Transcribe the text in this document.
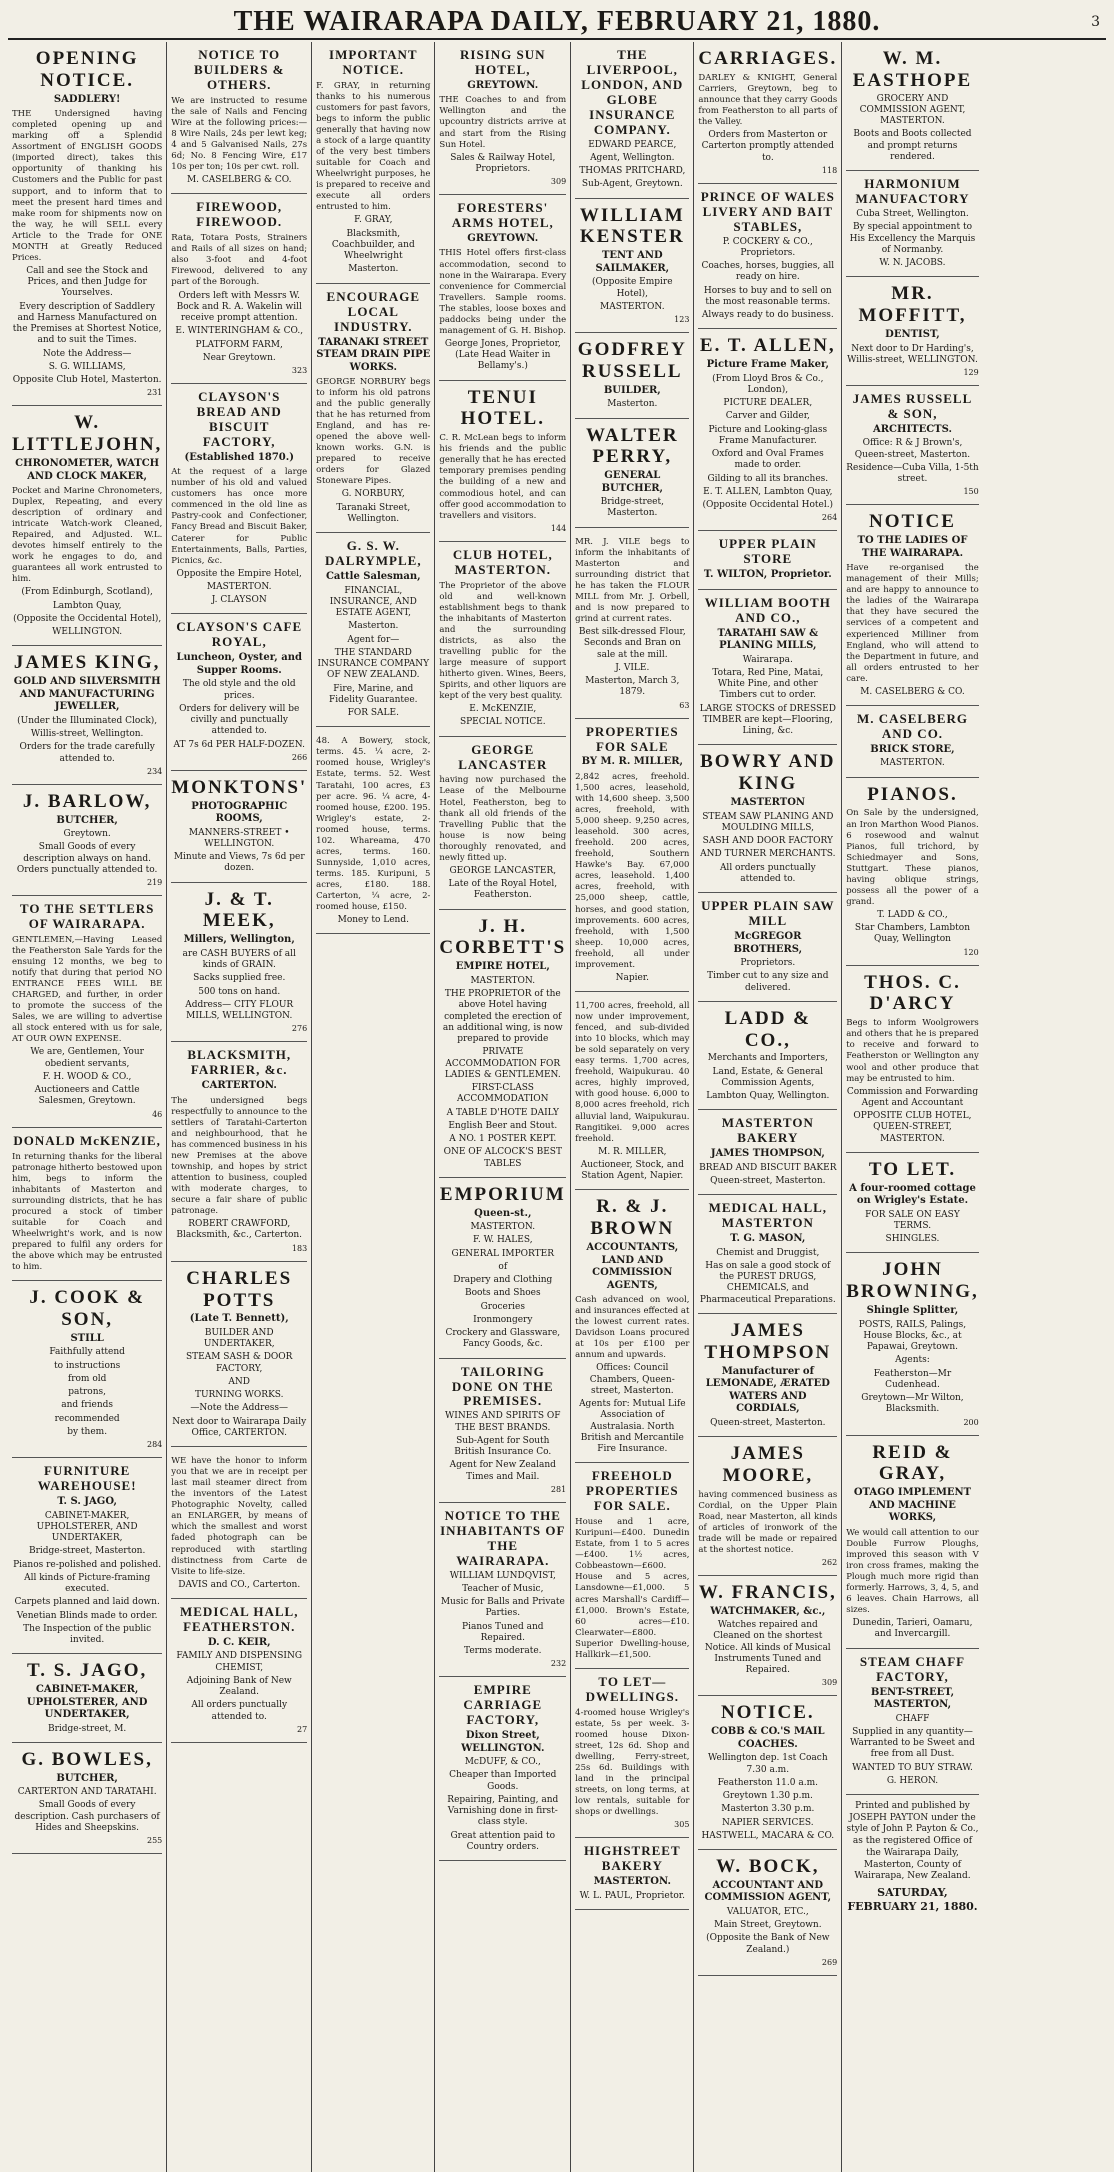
THE WAIRARAPA DAILY, FEBRUARY 21, 1880.	3
OPENING NOTICE.
SADDLERY!
THE Undersigned having completed opening up and marking off a Splendid Assortment of ENGLISH GOODS (imported direct), takes this opportunity of thanking his Customers and the Public for past support, and to inform that to meet the present hard times and make room for shipments now on the way, he will SELL every Article to the Trade for ONE MONTH at Greatly Reduced Prices.
Call and see the Stock and Prices, and then Judge for Yourselves.
Every description of Saddlery and Harness Manufactured on the Premises at Shortest Notice, and to suit the Times.
Note the Address—
S. G. WILLIAMS,
Opposite Club Hotel, Masterton.
231
W. LITTLEJOHN,
CHRONOMETER, WATCH AND CLOCK MAKER,
Pocket and Marine Chronometers, Duplex, Repeating, and every description of ordinary and intricate Watch-work Cleaned, Repaired, and Adjusted. W.L. devotes himself entirely to the work he engages to do, and guarantees all work entrusted to him.
(From Edinburgh, Scotland),
Lambton Quay,
(Opposite the Occidental Hotel),
WELLINGTON.
JAMES KING,
GOLD AND SILVERSMITH AND MANUFACTURING JEWELLER,
(Under the Illuminated Clock),
Willis-street, Wellington.
Orders for the trade carefully attended to.
234
J. BARLOW,
BUTCHER,
Greytown.
Small Goods of every description always on hand. Orders punctually attended to.
219
TO THE SETTLERS OF WAIRARAPA.
GENTLEMEN,—Having Leased the Featherston Sale Yards for the ensuing 12 months, we beg to notify that during that period NO ENTRANCE FEES WILL BE CHARGED, and further, in order to promote the success of the Sales, we are willing to advertise all stock entered with us for sale, AT OUR OWN EXPENSE.
We are, Gentlemen, Your obedient servants,
F. H. WOOD & CO.,
Auctioneers and Cattle Salesmen, Greytown.
46
DONALD McKENZIE,
In returning thanks for the liberal patronage hitherto bestowed upon him, begs to inform the inhabitants of Masterton and surrounding districts, that he has procured a stock of timber suitable for Coach and Wheelwright's work, and is now prepared to fulfil any orders for the above which may be entrusted to him.
J. COOK & SON,
STILL
Faithfully attend
to instructions
from old
patrons,
and friends
recommended
by them.
284
FURNITURE WAREHOUSE!
T. S. JAGO,
CABINET-MAKER, UPHOLSTERER, AND UNDERTAKER,
Bridge-street, Masterton.
Pianos re-polished and polished.
All kinds of Picture-framing executed.
Carpets planned and laid down.
Venetian Blinds made to order.
The Inspection of the public invited.
T. S. JAGO,
CABINET-MAKER, UPHOLSTERER, AND UNDERTAKER,
Bridge-street, M.
G. BOWLES,
BUTCHER,
CARTERTON AND TARATAHI.
Small Goods of every description. Cash purchasers of Hides and Sheepskins.
255
NOTICE TO BUILDERS & OTHERS.
We are instructed to resume the sale of Nails and Fencing Wire at the following prices:— 8 Wire Nails, 24s per lewt keg; 4 and 5 Galvanised Nails, 27s 6d; No. 8 Fencing Wire, £17 10s per ton; 10s per cwt. roll.
M. CASELBERG & CO.
FIREWOOD, FIREWOOD.
Rata, Totara Posts, Strainers and Rails of all sizes on hand; also 3-foot and 4-foot Firewood, delivered to any part of the Borough.
Orders left with Messrs W. Bock and R. A. Wakelin will receive prompt attention.
E. WINTERINGHAM & CO.,
PLATFORM FARM,
Near Greytown.
323
CLAYSON'S BREAD AND BISCUIT FACTORY,
(Established 1870.)
At the request of a large number of his old and valued customers has once more commenced in the old line as Pastry-cook and Confectioner, Fancy Bread and Biscuit Baker, Caterer for Public Entertainments, Balls, Parties, Picnics, &c.
Opposite the Empire Hotel,
MASTERTON.
J. CLAYSON
CLAYSON'S CAFE ROYAL,
Luncheon, Oyster, and Supper Rooms.
The old style and the old prices.
Orders for delivery will be civilly and punctually attended to.
AT 7s 6d PER HALF-DOZEN.
266
MONKTONS'
PHOTOGRAPHIC ROOMS,
MANNERS-STREET • WELLINGTON.
Minute and Views, 7s 6d per dozen.
J. & T. MEEK,
Millers, Wellington,
are CASH BUYERS of all kinds of GRAIN.
Sacks supplied free.
500 tons on hand.
Address— CITY FLOUR MILLS, WELLINGTON.
276
BLACKSMITH, FARRIER, &c.
CARTERTON.
The undersigned begs respectfully to announce to the settlers of Taratahi-Carterton and neighbourhood, that he has commenced business in his new Premises at the above township, and hopes by strict attention to business, coupled with moderate charges, to secure a fair share of public patronage.
ROBERT CRAWFORD, Blacksmith, &c., Carterton.
183
CHARLES POTTS
(Late T. Bennett),
BUILDER AND UNDERTAKER,
STEAM SASH & DOOR FACTORY,
AND
TURNING WORKS.
—Note the Address—
Next door to Wairarapa Daily Office, CARTERTON.
WE have the honor to inform you that we are in receipt per last mail steamer direct from the inventors of the Latest Photographic Novelty, called an ENLARGER, by means of which the smallest and worst faded photograph can be reproduced with startling distinctness from Carte de Visite to life-size.
DAVIS and CO., Carterton.
MEDICAL HALL, FEATHERSTON.
D. C. KEIR,
FAMILY AND DISPENSING CHEMIST,
Adjoining Bank of New Zealand.
All orders punctually attended to.
27
IMPORTANT NOTICE.
F. GRAY, in returning thanks to his numerous customers for past favors, begs to inform the public generally that having now a stock of a large quantity of the very best timbers suitable for Coach and Wheelwright purposes, he is prepared to receive and execute all orders entrusted to him.
F. GRAY,
Blacksmith, Coachbuilder, and Wheelwright
Masterton.
ENCOURAGE LOCAL INDUSTRY.
TARANAKI STREET STEAM DRAIN PIPE WORKS.
GEORGE NORBURY begs to inform his old patrons and the public generally that he has returned from England, and has re-opened the above well-known works. G.N. is prepared to receive orders for Glazed Stoneware Pipes.
G. NORBURY,
Taranaki Street, Wellington.
G. S. W. DALRYMPLE,
Cattle Salesman,
FINANCIAL, INSURANCE, AND ESTATE AGENT,
Masterton.
Agent for—
THE STANDARD INSURANCE COMPANY OF NEW ZEALAND.
Fire, Marine, and Fidelity Guarantee.
FOR SALE.
48. A Bowery, stock, terms. 45. ¼ acre, 2-roomed house, Wrigley's Estate, terms. 52. West Taratahi, 100 acres, £3 per acre. 96. ¼ acre, 4-roomed house, £200. 195. Wrigley's estate, 2-roomed house, terms. 102. Whareama, 470 acres, terms. 160. Sunnyside, 1,010 acres, terms. 185. Kuripuni, 5 acres, £180. 188. Carterton, ¼ acre, 2-roomed house, £150.
Money to Lend.
RISING SUN HOTEL,
GREYTOWN.
THE Coaches to and from Wellington and the upcountry districts arrive at and start from the Rising Sun Hotel.
Sales & Railway Hotel, Proprietors.
309
FORESTERS' ARMS HOTEL,
GREYTOWN.
THIS Hotel offers first-class accommodation, second to none in the Wairarapa. Every convenience for Commercial Travellers. Sample rooms. The stables, loose boxes and paddocks being under the management of G. H. Bishop.
George Jones, Proprietor, (Late Head Waiter in Bellamy's.)
TENUI HOTEL.
C. R. McLean begs to inform his friends and the public generally that he has erected temporary premises pending the building of a new and commodious hotel, and can offer good accommodation to travellers and visitors.
144
CLUB HOTEL, MASTERTON.
The Proprietor of the above old and well-known establishment begs to thank the inhabitants of Masterton and the surrounding districts, as also the travelling public for the large measure of support hitherto given. Wines, Beers, Spirits, and other liquors are kept of the very best quality.
E. McKENZIE,
SPECIAL NOTICE.
GEORGE LANCASTER
having now purchased the Lease of the Melbourne Hotel, Featherston, beg to thank all old friends of the Travelling Public that the house is now being thoroughly renovated, and newly fitted up.
GEORGE LANCASTER,
Late of the Royal Hotel, Featherston.
J. H. CORBETT'S
EMPIRE HOTEL,
MASTERTON.
THE PROPRIETOR of the above Hotel having completed the erection of an additional wing, is now prepared to provide
PRIVATE ACCOMMODATION FOR LADIES & GENTLEMEN.
FIRST-CLASS ACCOMMODATION
A TABLE D'HOTE DAILY
English Beer and Stout.
A NO. 1 POSTER KEPT.
ONE OF ALCOCK'S BEST TABLES
EMPORIUM
Queen-st.,
MASTERTON.
F. W. HALES,
GENERAL IMPORTER
of
Drapery and Clothing
Boots and Shoes
Groceries
Ironmongery
Crockery and Glassware, Fancy Goods, &c.
TAILORING DONE ON THE PREMISES.
WINES AND SPIRITS OF THE BEST BRANDS.
Sub-Agent for South British Insurance Co.
Agent for New Zealand Times and Mail.
281
NOTICE TO THE INHABITANTS OF THE WAIRARAPA.
WILLIAM LUNDQVIST,
Teacher of Music,
Music for Balls and Private Parties.
Pianos Tuned and Repaired.
Terms moderate.
232
EMPIRE CARRIAGE FACTORY,
Dixon Street, WELLINGTON.
McDUFF, & CO.,
Cheaper than Imported Goods.
Repairing, Painting, and Varnishing done in first-class style.
Great attention paid to Country orders.
THE LIVERPOOL, LONDON, AND GLOBE INSURANCE COMPANY.
EDWARD PEARCE,
Agent, Wellington.
THOMAS PRITCHARD,
Sub-Agent, Greytown.
WILLIAM KENSTER
TENT AND SAILMAKER,
(Opposite Empire Hotel),
MASTERTON.
123
GODFREY RUSSELL
BUILDER,
Masterton.
WALTER PERRY,
GENERAL BUTCHER,
Bridge-street, Masterton.
MR. J. VILE begs to inform the inhabitants of Masterton and surrounding district that he has taken the FLOUR MILL from Mr. J. Orbell, and is now prepared to grind at current rates.
Best silk-dressed Flour, Seconds and Bran on sale at the mill.
J. VILE.
Masterton, March 3, 1879.
63
PROPERTIES FOR SALE
BY M. R. MILLER,
2,842 acres, freehold. 1,500 acres, leasehold, with 14,600 sheep. 3,500 acres, freehold, with 5,000 sheep. 9,250 acres, leasehold. 300 acres, freehold. 200 acres, freehold, Southern Hawke's Bay. 67,000 acres, leasehold. 1,400 acres, freehold, with 25,000 sheep, cattle, horses, and good station, improvements. 600 acres, freehold, with 1,500 sheep. 10,000 acres, freehold, all under improvement.
Napier.
11,700 acres, freehold, all now under improvement, fenced, and sub-divided into 10 blocks, which may be sold separately on very easy terms. 1,700 acres, freehold, Waipukurau. 40 acres, highly improved, with good house. 6,000 to 8,000 acres freehold, rich alluvial land, Waipukurau. Rangitikei. 9,000 acres freehold.
M. R. MILLER,
Auctioneer, Stock, and Station Agent, Napier.
R. & J. BROWN
ACCOUNTANTS, LAND AND COMMISSION AGENTS,
Cash advanced on wool, and insurances effected at the lowest current rates. Davidson Loans procured at 10s per £100 per annum and upwards.
Offices: Council Chambers, Queen-street, Masterton.
Agents for: Mutual Life Association of Australasia. North British and Mercantile Fire Insurance.
FREEHOLD PROPERTIES FOR SALE.
House and 1 acre, Kuripuni—£400. Dunedin Estate, from 1 to 5 acres—£400. 1½ acres, Cobbeastown—£600. House and 5 acres, Lansdowne—£1,000. 5 acres Marshall's Cardiff—£1,000. Brown's Estate, 60 acres—£10. Clearwater—£800. Superior Dwelling-house, Hallkirk—£1,500.
TO LET—DWELLINGS.
4-roomed house Wrigley's estate, 5s per week. 3-roomed house Dixon-street, 12s 6d. Shop and dwelling, Ferry-street, 25s 6d. Buildings with land in the principal streets, on long terms, at low rentals, suitable for shops or dwellings.
305
HIGHSTREET BAKERY
MASTERTON.
W. L. PAUL, Proprietor.
CARRIAGES.
DARLEY & KNIGHT, General Carriers, Greytown, beg to announce that they carry Goods from Featherston to all parts of the Valley.
Orders from Masterton or Carterton promptly attended to.
118
PRINCE OF WALES LIVERY AND BAIT STABLES,
P. COCKERY & CO., Proprietors.
Coaches, horses, buggies, all ready on hire.
Horses to buy and to sell on the most reasonable terms.
Always ready to do business.
E. T. ALLEN,
Picture Frame Maker,
(From Lloyd Bros & Co., London),
PICTURE DEALER,
Carver and Gilder,
Picture and Looking-glass Frame Manufacturer.
Oxford and Oval Frames made to order.
Gilding to all its branches.
E. T. ALLEN, Lambton Quay,
(Opposite Occidental Hotel.)
264
UPPER PLAIN STORE
T. WILTON, Proprietor.
WILLIAM BOOTH AND CO.,
TARATAHI SAW & PLANING MILLS,
Wairarapa.
Totara, Red Pine, Matai, White Pine, and other Timbers cut to order.
LARGE STOCKS of DRESSED TIMBER are kept—Flooring, Lining, &c.
BOWRY AND KING
MASTERTON
STEAM SAW PLANING AND MOULDING MILLS,
SASH AND DOOR FACTORY
AND TURNER MERCHANTS.
All orders punctually attended to.
UPPER PLAIN SAW MILL
McGREGOR BROTHERS,
Proprietors.
Timber cut to any size and delivered.
LADD & CO.,
Merchants and Importers,
Land, Estate, & General Commission Agents,
Lambton Quay, Wellington.
MASTERTON BAKERY
JAMES THOMPSON,
BREAD AND BISCUIT BAKER
Queen-street, Masterton.
MEDICAL HALL, MASTERTON
T. G. MASON,
Chemist and Druggist,
Has on sale a good stock of the PUREST DRUGS, CHEMICALS, and Pharmaceutical Preparations.
JAMES THOMPSON
Manufacturer of LEMONADE, ÆRATED WATERS AND CORDIALS,
Queen-street, Masterton.
JAMES MOORE,
having commenced business as Cordial, on the Upper Plain Road, near Masterton, all kinds of articles of ironwork of the trade will be made or repaired at the shortest notice.
262
W. FRANCIS,
WATCHMAKER, &c.,
Watches repaired and Cleaned on the shortest Notice. All kinds of Musical Instruments Tuned and Repaired.
309
NOTICE.
COBB & CO.'S MAIL COACHES.
Wellington dep. 1st Coach 7.30 a.m.
Featherston 11.0 a.m.
Greytown 1.30 p.m.
Masterton 3.30 p.m.
NAPIER SERVICES.
HASTWELL, MACARA & CO.
W. BOCK,
ACCOUNTANT AND COMMISSION AGENT,
VALUATOR, ETC.,
Main Street, Greytown.
(Opposite the Bank of New Zealand.)
269
W. M. EASTHOPE
GROCERY AND COMMISSION AGENT, MASTERTON.
Boots and Boots collected and prompt returns rendered.
HARMONIUM MANUFACTORY
Cuba Street, Wellington.
By special appointment to His Excellency the Marquis of Normanby.
W. N. JACOBS.
MR. MOFFITT,
DENTIST,
Next door to Dr Harding's, Willis-street, WELLINGTON.
129
JAMES RUSSELL & SON,
ARCHITECTS.
Office: R & J Brown's, Queen-street, Masterton.
Residence—Cuba Villa, 1-5th street.
150
NOTICE
TO THE LADIES OF THE WAIRARAPA.
Have re-organised the management of their Mills; and are happy to announce to the ladies of the Wairarapa that they have secured the services of a competent and experienced Milliner from England, who will attend to the Department in future, and all orders entrusted to her care.
M. CASELBERG & CO.
M. CASELBERG AND CO.
BRICK STORE,
MASTERTON.
PIANOS.
On Sale by the undersigned, an Iron Marthon Wood Pianos. 6 rosewood and walnut Pianos, full trichord, by Schiedmayer and Sons, Stuttgart. These pianos, having oblique strings, possess all the power of a grand.
T. LADD & CO.,
Star Chambers, Lambton Quay, Wellington
120
THOS. C. D'ARCY
Begs to inform Woolgrowers and others that he is prepared to receive and forward to Featherston or Wellington any wool and other produce that may be entrusted to him.
Commission and Forwarding Agent and Accountant
OPPOSITE CLUB HOTEL, QUEEN-STREET, MASTERTON.
TO LET.
A four-roomed cottage on Wrigley's Estate.
FOR SALE ON EASY TERMS.
SHINGLES.
JOHN BROWNING,
Shingle Splitter,
POSTS, RAILS, Palings, House Blocks, &c., at Papawai, Greytown.
Agents:
Featherston—Mr Cudenhead.
Greytown—Mr Wilton, Blacksmith.
200
REID & GRAY,
OTAGO IMPLEMENT AND MACHINE WORKS,
We would call attention to our Double Furrow Ploughs, improved this season with V iron cross frames, making the Plough much more rigid than formerly. Harrows, 3, 4, 5, and 6 leaves. Chain Harrows, all sizes.
Dunedin, Tarieri, Oamaru, and Invercargill.
STEAM CHAFF FACTORY,
BENT-STREET, MASTERTON,
CHAFF
Supplied in any quantity—Warranted to be Sweet and free from all Dust.
WANTED TO BUY STRAW.
G. HERON.
Printed and published by JOSEPH PAYTON under the style of John P. Payton & Co., as the registered Office of the Wairarapa Daily, Masterton, County of Wairarapa, New Zealand.
SATURDAY, FEBRUARY 21, 1880.
